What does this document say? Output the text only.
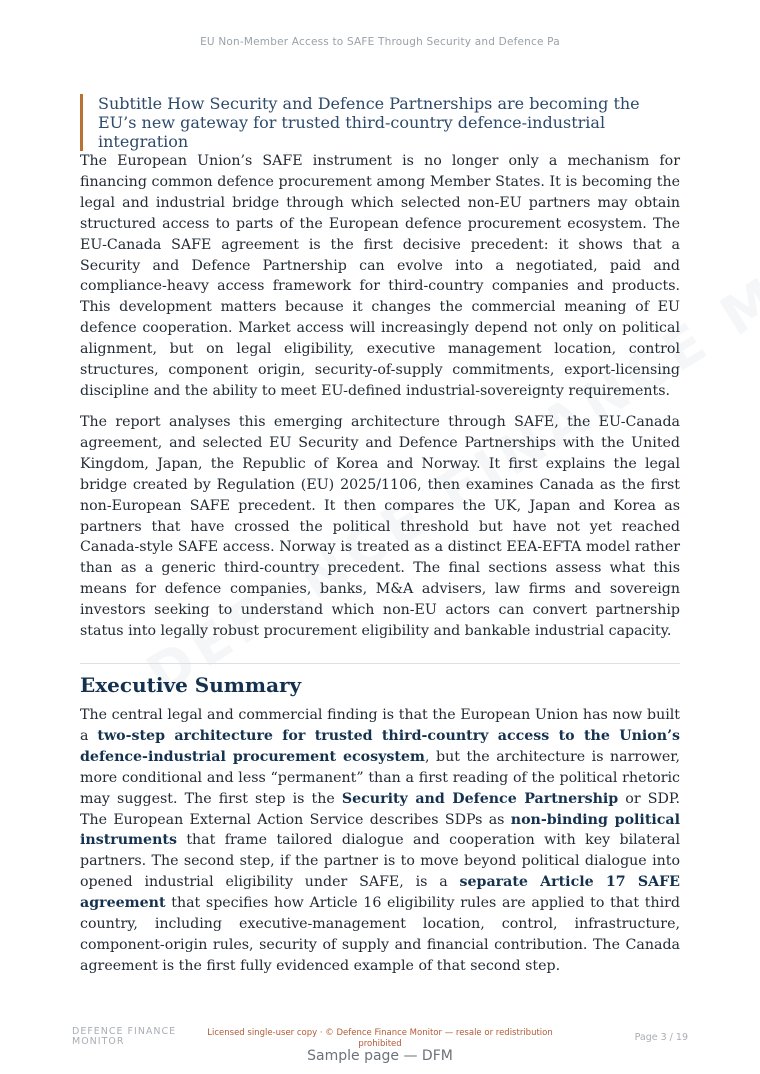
EU Non-Member Access to SAFE Through Security and Defence Pa
Subtitle How Security and Defence Partnerships are becoming the EU’s new gateway for trusted third-country defence-industrial integration

The European Union’s SAFE instrument is no longer only a mechanism for financing common defence procurement among Member States. It is becoming the legal and industrial bridge through which selected non-EU partners may obtain structured access to parts of the European defence procurement ecosystem. The EU-Canada SAFE agreement is the first decisive precedent: it shows that a Security and Defence Partnership can evolve into a negotiated, paid and compliance-heavy access framework for third-country companies and products. This development matters because it changes the commercial meaning of EU defence cooperation. Market access will increasingly depend not only on political alignment, but on legal eligibility, executive management location, control structures, component origin, security-of-supply commitments, export-licensing discipline and the ability to meet EU-defined industrial-sovereignty requirements.

The report analyses this emerging architecture through SAFE, the EU-Canada agreement, and selected EU Security and Defence Partnerships with the United Kingdom, Japan, the Republic of Korea and Norway. It first explains the legal bridge created by Regulation (EU) 2025/1106, then examines Canada as the first non-European SAFE precedent. It then compares the UK, Japan and Korea as partners that have crossed the political threshold but have not yet reached Canada-style SAFE access. Norway is treated as a distinct EEA-EFTA model rather than as a generic third-country precedent. The final sections assess what this means for defence companies, banks, M&A advisers, law firms and sovereign investors seeking to understand which non-EU actors can convert partnership status into legally robust procurement eligibility and bankable industrial capacity.

Executive Summary

The central legal and commercial finding is that the European Union has now built a two-step architecture for trusted third-country access to the Union’s defence-industrial procurement ecosystem, but the architecture is narrower, more conditional and less “permanent” than a first reading of the political rhetoric may suggest. The first step is the Security and Defence Partnership or SDP. The European External Action Service describes SDPs as non-binding political instruments that frame tailored dialogue and cooperation with key bilateral partners. The second step, if the partner is to move beyond political dialogue into opened industrial eligibility under SAFE, is a separate Article 17 SAFE agreement that specifies how Article 16 eligibility rules are applied to that third country, including executive-management location, control, infrastructure, component-origin rules, security of supply and financial contribution. The Canada agreement is the first fully evidenced example of that second step.

DEFENCE FINANCE
MONITOR
Licensed single-user copy · © Defence Finance Monitor — resale or redistribution prohibited
Page 3 / 19
Sample page — DFM
